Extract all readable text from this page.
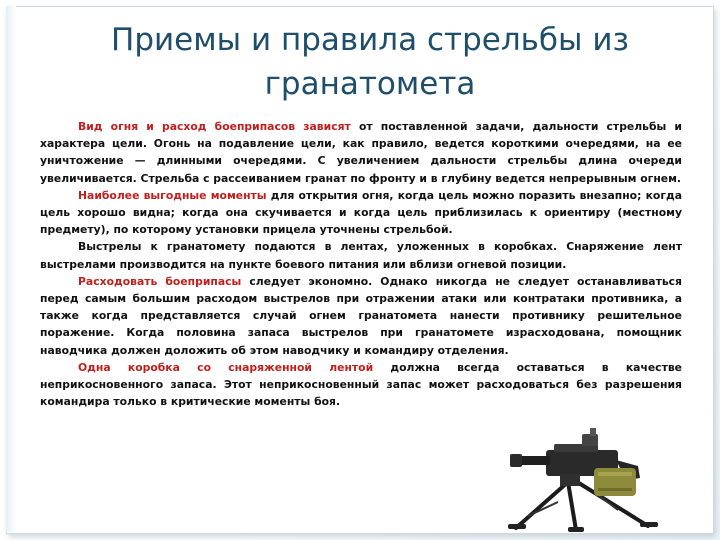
Приемы и правила стрельбы из гранатомета

Вид огня и расход боеприпасов зависят от поставленной задачи, дальности стрельбы и характера цели. Огонь на подавление цели, как правило, ведется короткими очередями, на ее уничтожение — длинными очередями. С увеличением дальности стрельбы длина очереди увеличивается. Стрельба с рассеиванием гранат по фронту и в глубину ведется непрерывным огнем.

Наиболее выгодные моменты для открытия огня, когда цель можно поразить внезапно; когда цель хорошо видна; когда она скучивается и когда цель приблизилась к ориентиру (местному предмету), по которому установки прицела уточнены стрельбой.

Выстрелы к гранатомету подаются в лентах, уложенных в коробках. Снаряжение лент выстрелами производится на пункте боевого питания или вблизи огневой позиции.

Расходовать боеприпасы следует экономно. Однако никогда не следует останавливаться перед самым большим расходом выстрелов при отражении атаки или контратаки противника, а также когда представляется случай огнем гранатомета нанести противнику решительное поражение. Когда половина запаса выстрелов при гранатомете израсходована, помощник наводчика должен доложить об этом наводчику и командиру отделения.

Одна коробка со снаряженной лентой должна всегда оставаться в качестве неприкосновенного запаса. Этот неприкосновенный запас может расходоваться без разрешения командира только в критические моменты боя.
